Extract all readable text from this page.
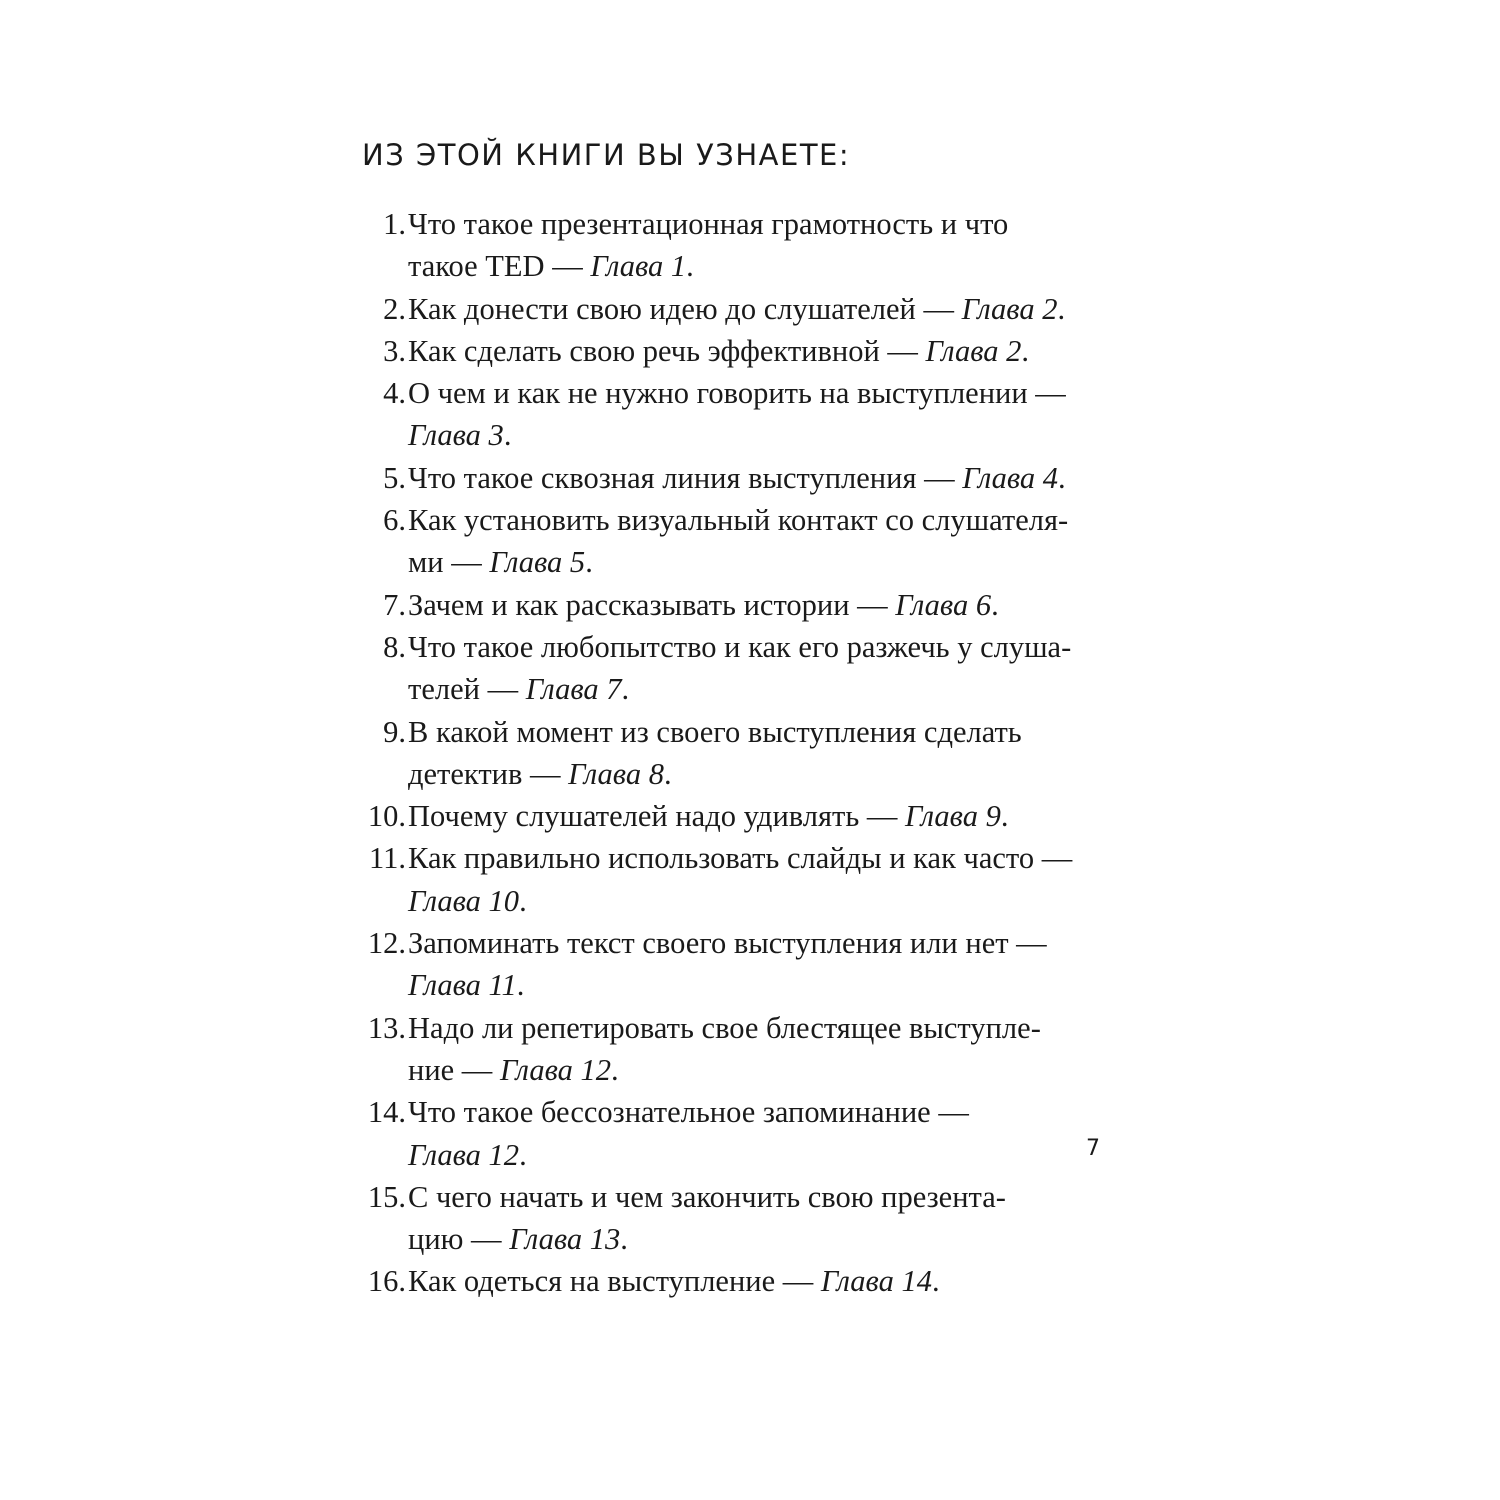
ИЗ ЭТОЙ КНИГИ ВЫ УЗНАЕТЕ:
1. Что такое презентационная грамотность и что
такое TED — Глава 1.
2. Как донести свою идею до слушателей — Глава 2.
3. Как сделать свою речь эффективной — Глава 2.
4. О чем и как не нужно говорить на выступлении —
Глава 3.
5. Что такое сквозная линия выступления — Глава 4.
6. Как установить визуальный контакт со слушателя-
ми — Глава 5.
7. Зачем и как рассказывать истории — Глава 6.
8. Что такое любопытство и как его разжечь у слуша-
телей — Глава 7.
9. В какой момент из своего выступления сделать
детектив — Глава 8.
10. Почему слушателей надо удивлять — Глава 9.
11. Как правильно использовать слайды и как часто —
Глава 10.
12. Запоминать текст своего выступления или нет —
Глава 11.
13. Надо ли репетировать свое блестящее выступле-
ние — Глава 12.
14. Что такое бессознательное запоминание —
Глава 12.
15. С чего начать и чем закончить свою презента-
цию — Глава 13.
16. Как одеться на выступление — Глава 14.
7
